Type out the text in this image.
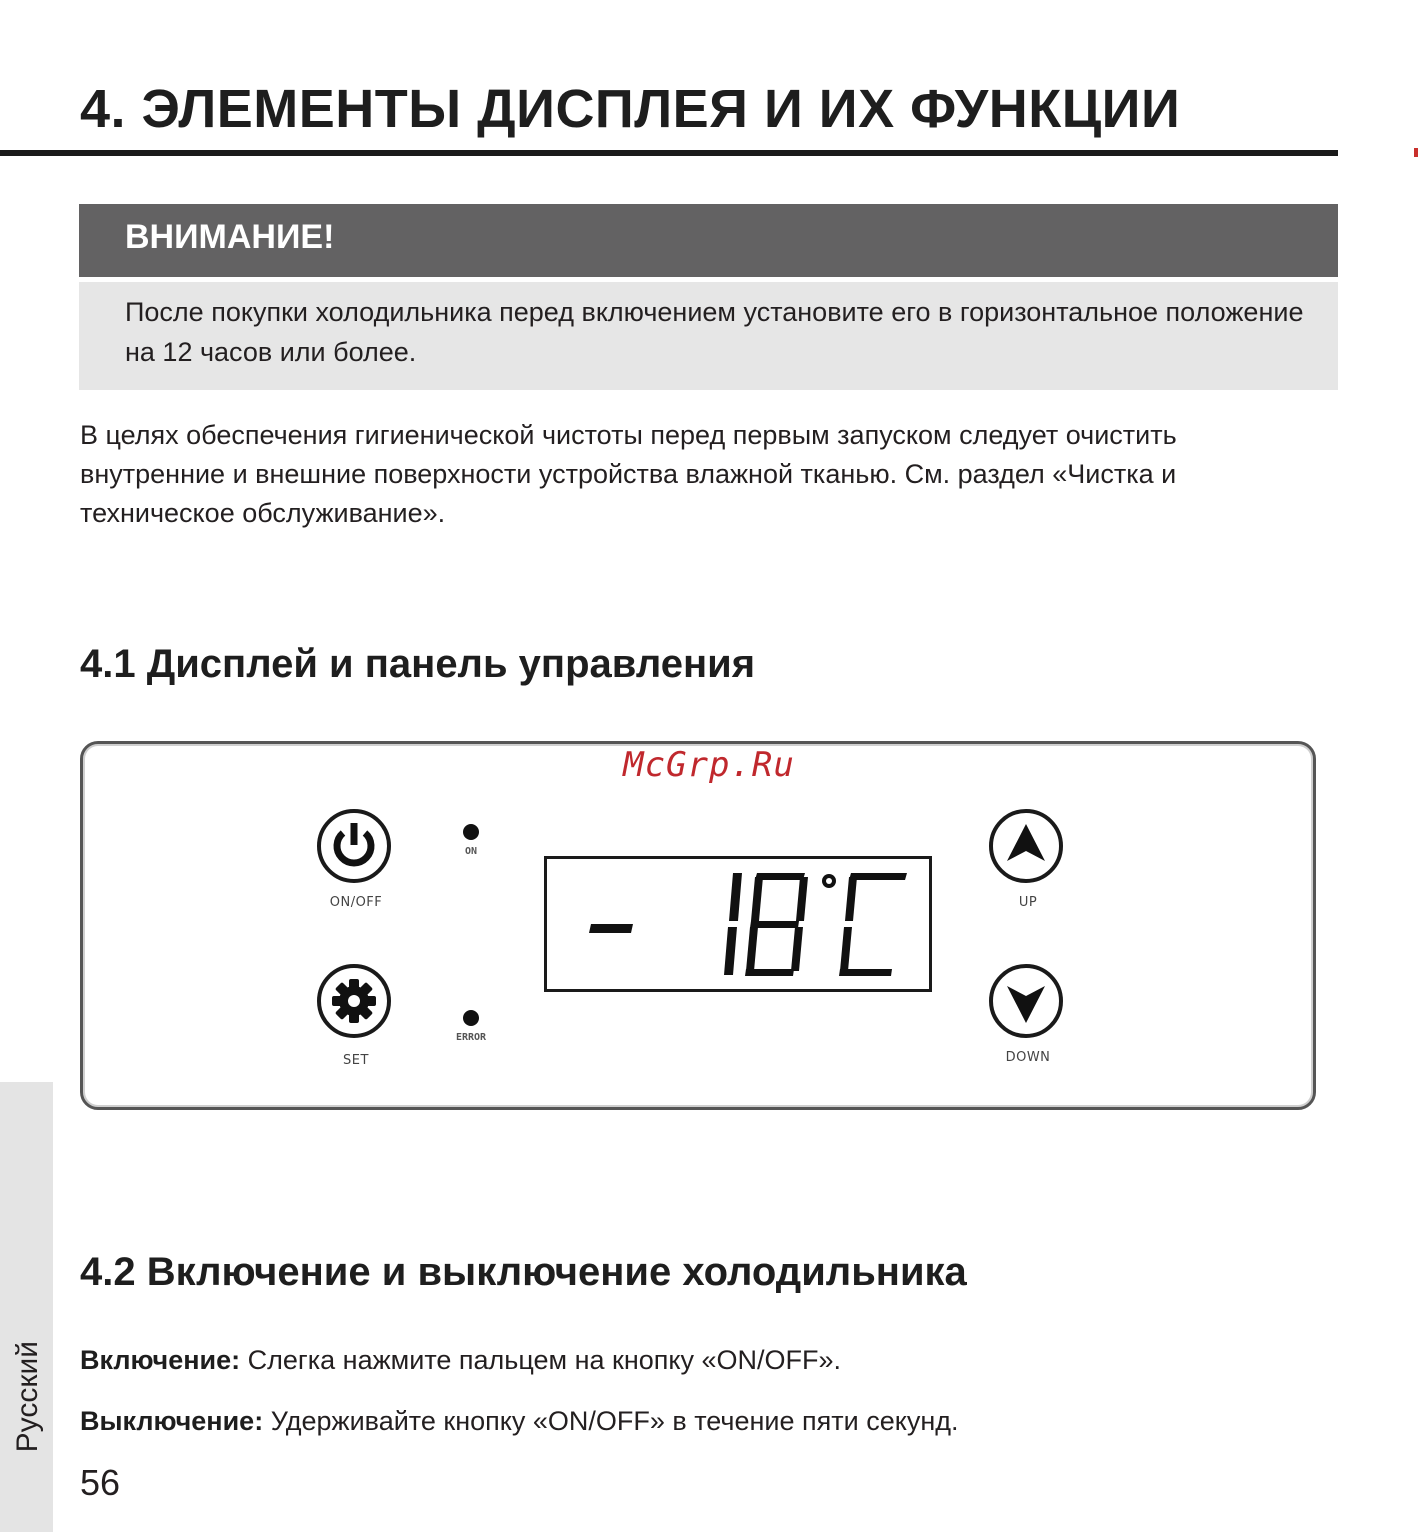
4. ЭЛЕМЕНТЫ ДИСПЛЕЯ И ИХ ФУНКЦИИ
ВНИМАНИЕ!

После покупки холодильника перед включением установите его в горизонтальное положение на 12 часов или более.

В целях обеспечения гигиенической чистоты перед первым запуском следует очистить внутренние и внешние поверхности устройства влажной тканью. См. раздел «Чистка и техническое обслуживание».

4.1 Дисплей и панель управления
McGrp.Ru
ON/OFF
SET
ON
ERROR
UP
DOWN
4.2 Включение и выключение холодильника

Включение: Слегка нажмите пальцем на кнопку «ON/OFF».

Выключение: Удерживайте кнопку «ON/OFF» в течение пяти секунд.

Русский

56
